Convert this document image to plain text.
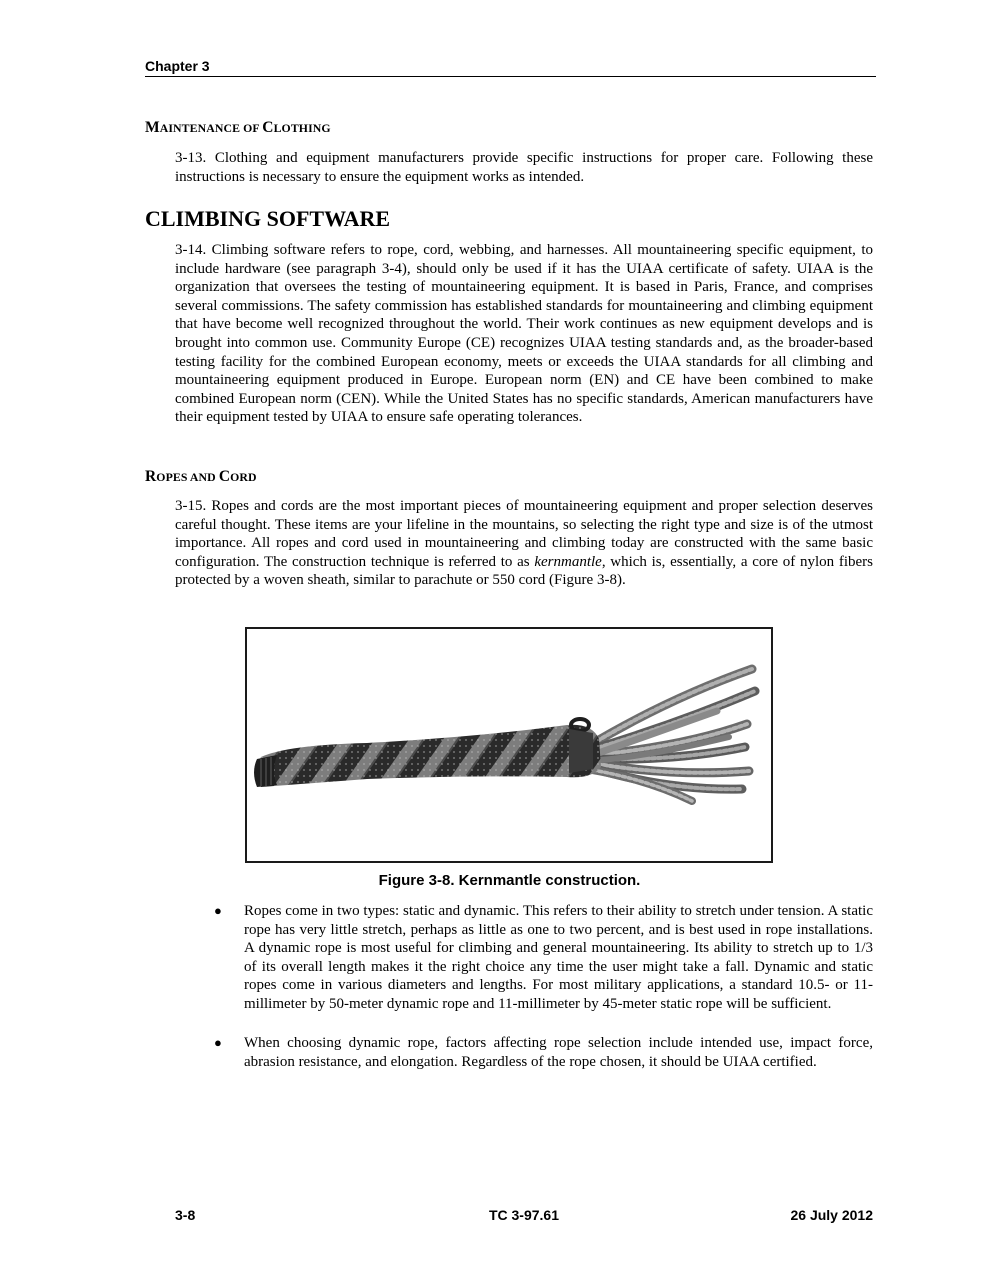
Chapter 3
MAINTENANCE OF CLOTHING

3-13. Clothing and equipment manufacturers provide specific instructions for proper care. Following these instructions is necessary to ensure the equipment works as intended.

CLIMBING SOFTWARE

3-14. Climbing software refers to rope, cord, webbing, and harnesses. All mountaineering specific equipment, to include hardware (see paragraph 3-4), should only be used if it has the UIAA certificate of safety. UIAA is the organization that oversees the testing of mountaineering equipment. It is based in Paris, France, and comprises several commissions. The safety commission has established standards for mountaineering and climbing equipment that have become well recognized throughout the world. Their work continues as new equipment develops and is brought into common use. Community Europe (CE) recognizes UIAA testing standards and, as the broader-based testing facility for the combined European economy, meets or exceeds the UIAA standards for all climbing and mountaineering equipment produced in Europe. European norm (EN) and CE have been combined to make combined European norm (CEN). While the United States has no specific standards, American manufacturers have their equipment tested by UIAA to ensure safe operating tolerances.

ROPES AND CORD

3-15. Ropes and cords are the most important pieces of mountaineering equipment and proper selection deserves careful thought. These items are your lifeline in the mountains, so selecting the right type and size is of the utmost importance. All ropes and cord used in mountaineering and climbing today are constructed with the same basic configuration. The construction technique is referred to as kernmantle, which is, essentially, a core of nylon fibers protected by a woven sheath, similar to parachute or 550 cord (Figure 3-8).

Figure 3-8. Kernmantle construction.
● Ropes come in two types: static and dynamic. This refers to their ability to stretch under tension. A static rope has very little stretch, perhaps as little as one to two percent, and is best used in rope installations. A dynamic rope is most useful for climbing and general mountaineering. Its ability to stretch up to 1/3 of its overall length makes it the right choice any time the user might take a fall. Dynamic and static ropes come in various diameters and lengths. For most military applications, a standard 10.5- or 11-millimeter by 50-meter dynamic rope and 11-millimeter by 45-meter static rope will be sufficient.

● When choosing dynamic rope, factors affecting rope selection include intended use, impact force, abrasion resistance, and elongation. Regardless of the rope chosen, it should be UIAA certified.

3-8	TC 3-97.61	26 July 2012
